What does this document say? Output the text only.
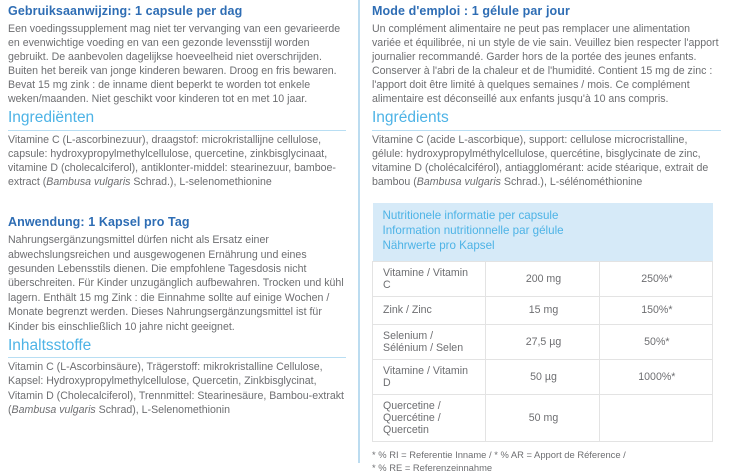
Gebruiksaanwijzing: 1 capsule per dag

Een voedingssupplement mag niet ter vervanging van een gevarieerde en evenwichtige voeding en van een gezonde levensstijl worden gebruikt. De aanbevolen dagelijkse hoeveelheid niet overschrijden. Buiten het bereik van jonge kinderen bewaren. Droog en fris bewaren. Bevat 15 mg zink : de inname dient beperkt te worden tot enkele weken/maanden. Niet geschikt voor kinderen tot en met 10 jaar.

Ingrediënten

Vitamine C (L-ascorbinezuur), draagstof: microkristallijne cellulose, capsule: hydroxypropylmethylcellulose, quercetine, zinkbisglycinaat, vitamine D (cholecalciferol), antiklonter-middel: stearinezuur, bamboe-extract (Bambusa vulgaris Schrad.), L-selenomethionine

Anwendung: 1 Kapsel pro Tag

Nahrungsergänzungsmittel dürfen nicht als Ersatz einer abwechslungsreichen und ausgewogenen Ernährung und eines gesunden Lebensstils dienen. Die empfohlene Tagesdosis nicht überschreiten. Für Kinder unzugänglich aufbewahren. Trocken und kühl lagern. Enthält 15 mg Zink : die Einnahme sollte auf einige Wochen / Monate begrenzt werden. Dieses Nahrungsergänzungsmittel ist für Kinder bis einschließlich 10 jahre nicht geeignet.

Inhaltsstoffe

Vitamin C (L-Ascorbinsäure), Trägerstoff: mikrokristalline Cellulose, Kapsel: Hydroxypropylmethylcellulose, Quercetin, Zinkbisglycinat, Vitamin D (Cholecalciferol), Trennmittel: Stearinesäure, Bambou-extrakt (Bambusa vulgaris Schrad), L-Selenomethionin

Mode d'emploi : 1 gélule par jour

Un complément alimentaire ne peut pas remplacer une alimentation variée et équilibrée, ni un style de vie sain. Veuillez bien respecter l'apport journalier recommandé. Garder hors de la portée des jeunes enfants. Conserver à l'abri de la chaleur et de l'humidité. Contient 15 mg de zinc : l'apport doit être limité à quelques semaines / mois. Ce complément alimentaire est déconseillé aux enfants jusqu'à 10 ans compris.

Ingrédients

Vitamine C (acide L-ascorbique), support: cellulose microcristalline, gélule: hydroxypropylméthylcellulose, quercétine, bisglycinate de zinc, vitamine D (cholécalciférol), antiagglomérant: acide stéarique, extrait de bambou (Bambusa vulgaris Schrad.), L-sélénométhionine

Nutritionele informatie per capsule
Information nutritionnelle par gélule
Nährwerte pro Kapsel		

Vitamine / Vitamin C	200 mg	250%*
Zink / Zinc	15 mg	150%*
Selenium / Sélénium / Selen	27,5 µg	50%*
Vitamine / Vitamin D	50 µg	1000%*
Quercetine / Quercétine / Quercetin	50 mg	
* % RI = Referentie Inname / * % AR = Apport de Réference /
* % RE = Referenzeinnahme
